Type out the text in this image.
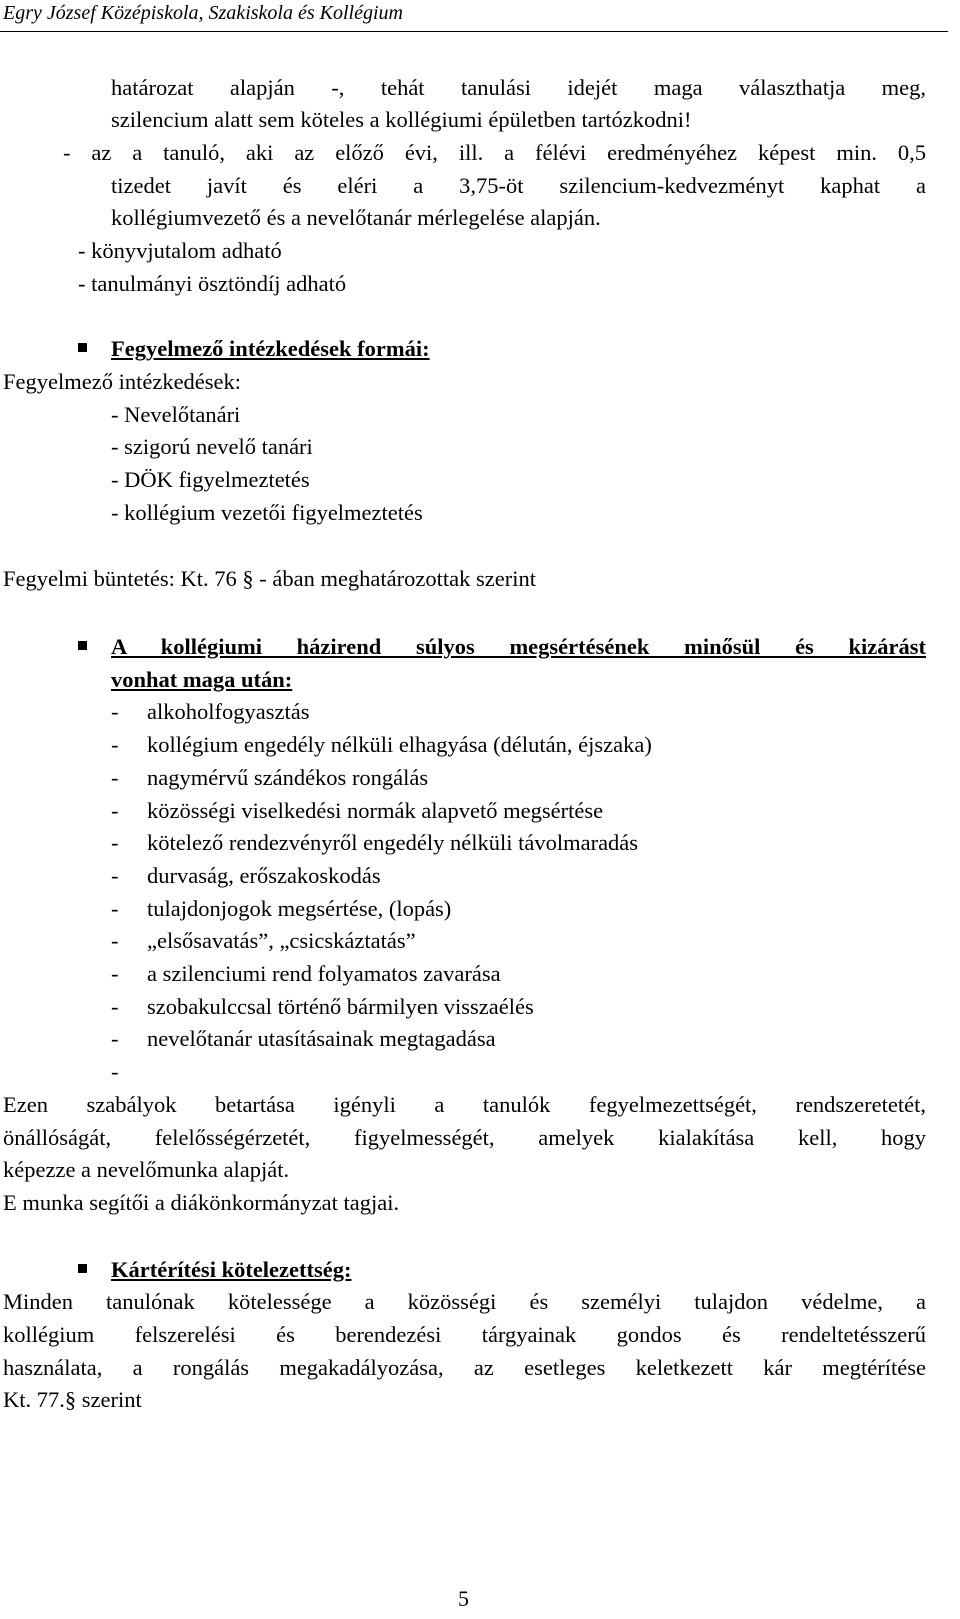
Egry József Középiskola, Szakiskola és Kollégium
határozat alapján -, tehát tanulási idejét maga választhatja meg,
szilencium alatt sem köteles a kollégiumi épületben tartózkodni!
- az a tanuló, aki az előző évi, ill. a félévi eredményéhez képest min. 0,5
tizedet javít és eléri a 3,75-öt szilencium-kedvezményt kaphat a
kollégiumvezető és a nevelőtanár mérlegelése alapján.
- könyvjutalom adható
- tanulmányi ösztöndíj adható
Fegyelmező intézkedések formái:
Fegyelmező intézkedések:
- Nevelőtanári
- szigorú nevelő tanári
- DÖK figyelmeztetés
- kollégium vezetői figyelmeztetés
Fegyelmi büntetés: Kt. 76 § - ában meghatározottak szerint
A kollégiumi házirend súlyos megsértésének minősül és kizárást
vonhat maga után:
- alkoholfogyasztás
- kollégium engedély nélküli elhagyása (délután, éjszaka)
- nagymérvű szándékos rongálás
- közösségi viselkedési normák alapvető megsértése
- kötelező rendezvényről engedély nélküli távolmaradás
- durvaság, erőszakoskodás
- tulajdonjogok megsértése, (lopás)
- „elsősavatás”, „csicskáztatás”
- a szilenciumi rend folyamatos zavarása
- szobakulccsal történő bármilyen visszaélés
- nevelőtanár utasításainak megtagadása
-
Ezen szabályok betartása igényli a tanulók fegyelmezettségét, rendszeretetét,
önállóságát, felelősségérzetét, figyelmességét, amelyek kialakítása kell, hogy
képezze a nevelőmunka alapját.
E munka segítői a diákönkormányzat tagjai.
Kártérítési kötelezettség:
Minden tanulónak kötelessége a közösségi és személyi tulajdon védelme, a
kollégium felszerelési és berendezési tárgyainak gondos és rendeltetésszerű
használata, a rongálás megakadályozása, az esetleges keletkezett kár megtérítése
Kt. 77.§ szerint
5
